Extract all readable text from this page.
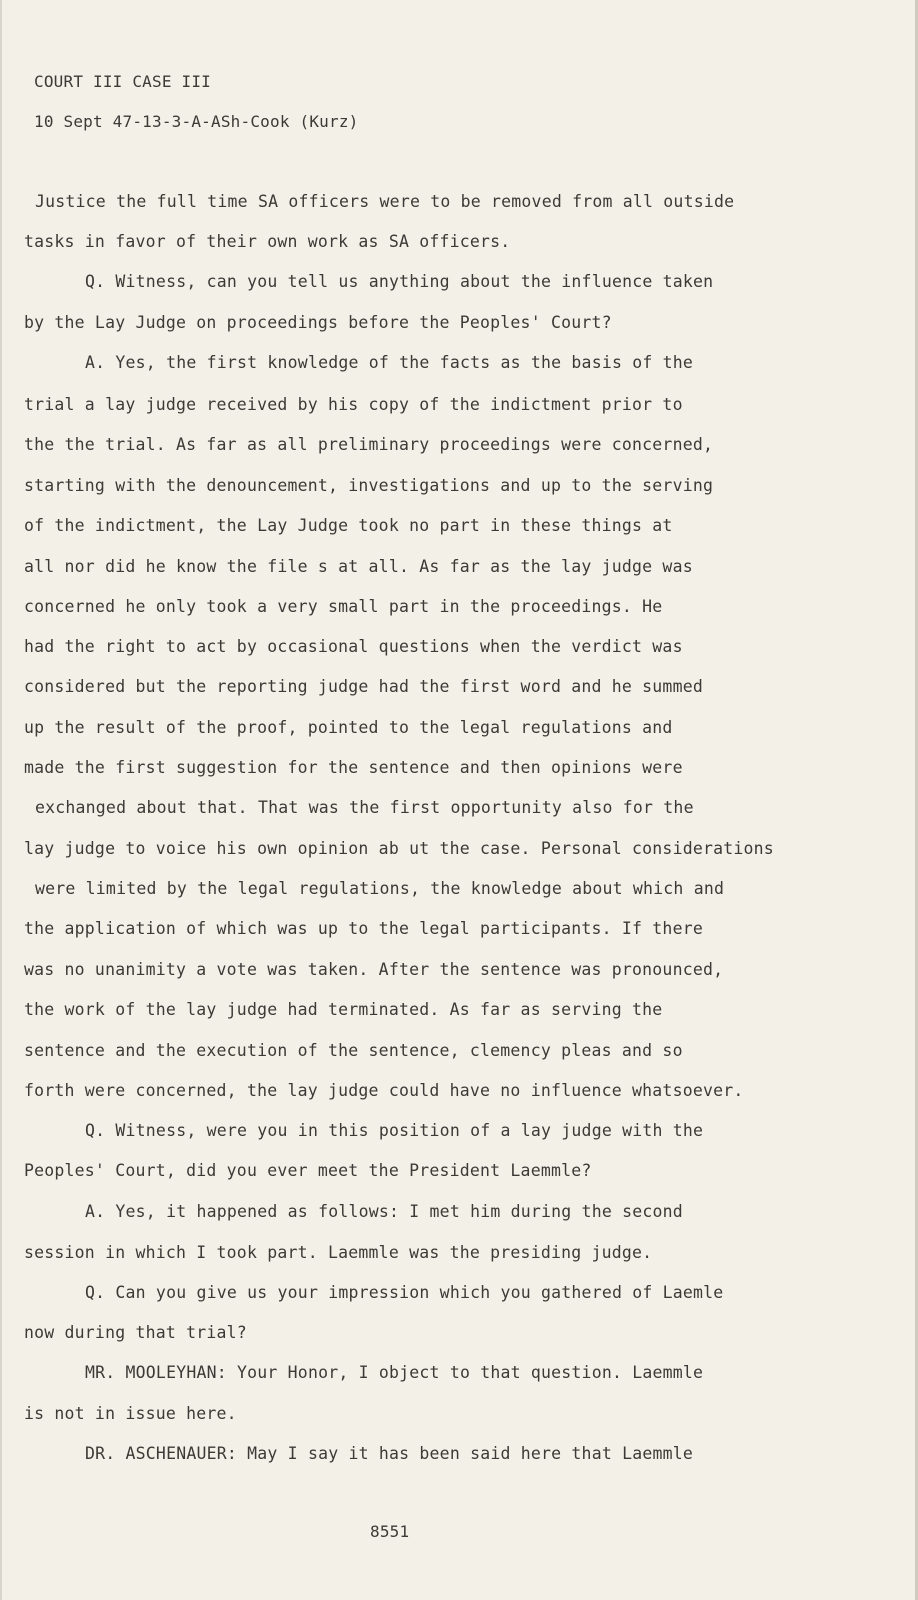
COURT III CASE III
10 Sept 47-13-3-A-ASh-Cook (Kurz)
Justice the full time SA officers were to be removed from all outside
tasks in favor of their own work as SA officers.
Q. Witness, can you tell us anything about the influence taken
by the Lay Judge on proceedings before the Peoples' Court?
A. Yes, the first knowledge of the facts as the basis of the
trial a lay judge received by his copy of the indictment prior to
the the trial. As far as all preliminary proceedings were concerned,
starting with the denouncement, investigations and up to the serving
of the indictment, the Lay Judge took no part in these things at
all nor did he know the file s at all. As far as the lay judge was
concerned he only took a very small part in the proceedings. He
had the right to act by occasional questions when the verdict was
considered but the reporting judge had the first word and he summed
up the result of the proof, pointed to the legal regulations and
made the first suggestion for the sentence and then opinions were
exchanged about that. That was the first opportunity also for the
lay judge to voice his own opinion ab ut the case. Personal considerations
were limited by the legal regulations, the knowledge about which and
the application of which was up to the legal participants. If there
was no unanimity a vote was taken. After the sentence was pronounced,
the work of the lay judge had terminated. As far as serving the
sentence and the execution of the sentence, clemency pleas and so
forth were concerned, the lay judge could have no influence whatsoever.
Q. Witness, were you in this position of a lay judge with the
Peoples' Court, did you ever meet the President Laemmle?
A. Yes, it happened as follows: I met him during the second
session in which I took part. Laemmle was the presiding judge.
Q. Can you give us your impression which you gathered of Laemle
now during that trial?
MR. MOOLEYHAN: Your Honor, I object to that question. Laemmle
is not in issue here.
DR. ASCHENAUER: May I say it has been said here that Laemmle
8551
